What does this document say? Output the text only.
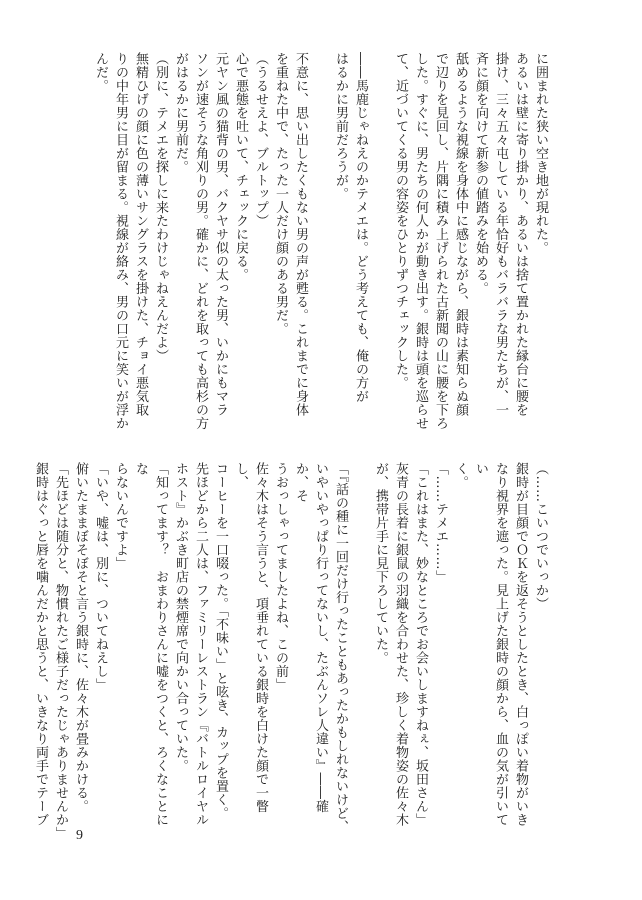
に囲まれた狭い空き地が現れた。
あるいは壁に寄り掛かり、あるいは捨て置かれた縁台に腰を
掛け、三々五々屯している年恰好もバラバラな男たちが、一
斉に顔を向けて新参の値踏みを始める。
舐めるような視線を身体中に感じながら、銀時は素知らぬ顔
で辺りを見回し、片隅に積み上げられた古新聞の山に腰を下ろ
した。すぐに、男たちの何人かが動き出す。銀時は頭を巡らせ
て、近づいてくる男の容姿をひとりずつチェックした。

――馬鹿じゃねえのかテメエは。どう考えても、俺の方が
はるかに男前だろうが。

不意に、思い出したくもない男の声が甦る。これまでに身体
を重ねた中で、たった一人だけ顔のある男だ。
（うるせえよ、ブルトップ）
心で悪態を吐いて、チェックに戻る。
元ヤン風の猫背の男、バクヤサ似の太った男、いかにもマラ
ソンが速そうな角刈りの男。確かに、どれを取っても高杉の方
がはるかに男前だ。
（別に、テメエを探しに来たわけじゃねえんだよ）
無精ひげの顔に色の薄いサングラスを掛けた、チョイ悪気取
りの中年男に目が留まる。視線が絡み、男の口元に笑いが浮か
んだ。
（……こいつでいっか）
銀時が目顔でＯＫを返そうとしたとき、白っぽい着物がいき
なり視界を遮った。見上げた銀時の顔から、血の気が引いてい
く。
「……テメエ……」
「これはまた、妙なところでお会いしますねぇ、坂田さん」
灰青の長着に銀鼠の羽織を合わせた、珍しく着物姿の佐々木
が、携帯片手に見下ろしていた。

「『話の種に一回だけ行ったこともあったかもしれないけど、
いやいやっぱり行ってないし、たぶんソレ人違い』――確か、そ
うおっしゃってましたよね、この前」
佐々木はそう言うと、項垂れている銀時を白けた顔で一瞥し、
コーヒーを一口啜った。「不味い」と呟き、カップを置く。
先ほどから二人は、ファミリーレストラン『バトルロイヤル
ホスト』かぶき町店の禁煙席で向かい合っていた。
「知ってます？　おまわりさんに嘘をつくと、ろくなことにな
らないんですよ」
「いや、嘘は、別に、ついてねえし」
俯いたままぼそぼそと言う銀時に、佐々木が畳みかける。
「先ほどは随分と、物慣れたご様子だったじゃありませんか」
銀時はぐっと唇を噛んだかと思うと、いきなり両手でテーブ
9
